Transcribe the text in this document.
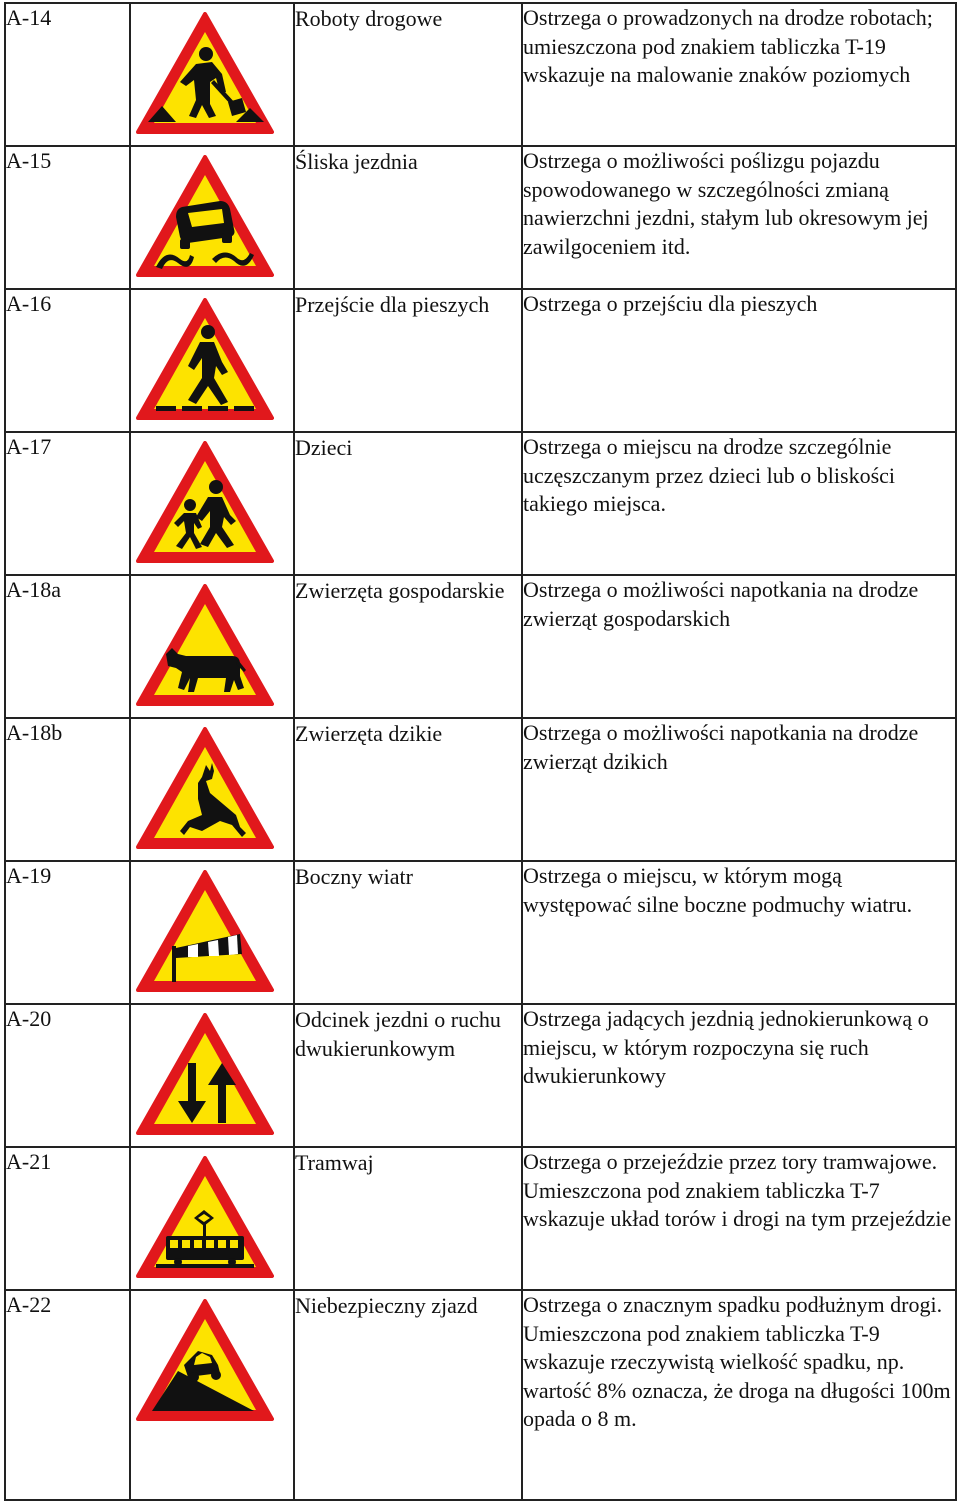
A-14		Roboty drogowe	Ostrzega o prowadzonych na drodze robotach; umieszczona pod znakiem tabliczka T-19 wskazuje na malowanie znaków poziomych
A-15		Śliska jezdnia	Ostrzega o możliwości poślizgu pojazdu spowodowanego w szczególności zmianą nawierzchni jezdni, stałym lub okresowym jej zawilgoceniem itd.
A-16		Przejście dla pieszych	Ostrzega o przejściu dla pieszych
A-17		Dzieci	Ostrzega o miejscu na drodze szczególnie uczęszczanym przez dzieci lub o bliskości takiego miejsca.
A-18a		Zwierzęta gospodarskie	Ostrzega o możliwości napotkania na drodze zwierząt gospodarskich
A-18b		Zwierzęta dzikie	Ostrzega o możliwości napotkania na drodze zwierząt dzikich
A-19		Boczny wiatr	Ostrzega o miejscu, w którym mogą występować silne boczne podmuchy wiatru.
A-20		Odcinek jezdni o ruchu dwukierunkowym	Ostrzega jadących jezdnią jednokierunkową o miejscu, w którym rozpoczyna się ruch dwukierunkowy
A-21		Tramwaj	Ostrzega o przejeździe przez tory tramwajowe. Umieszczona pod znakiem tabliczka T-7 wskazuje układ torów i drogi na tym przejeździe
A-22		Niebezpieczny zjazd	Ostrzega o znacznym spadku podłużnym drogi. Umieszczona pod znakiem tabliczka T-9 wskazuje rzeczywistą wielkość spadku, np. wartość 8% oznacza, że droga na długości 100m opada o 8 m.
